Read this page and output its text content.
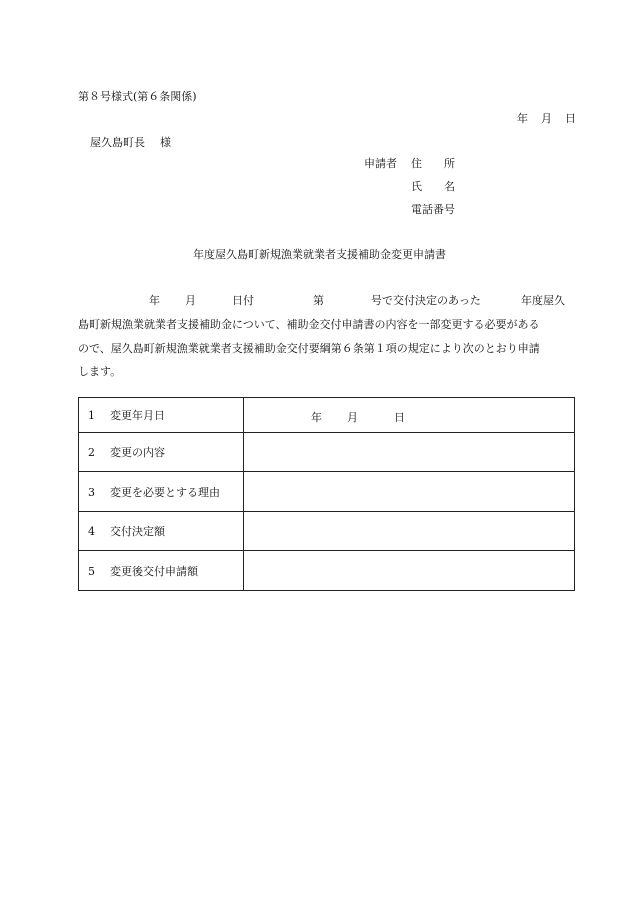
第８号様式(第６条関係)
年 月 日
屋久島町長 様
申請者 住　　所
氏　　名
電話番号
年度屋久島町新規漁業就業者支援補助金変更申請書
年 月	日付	第	号で交付決定のあった	年度屋久
島町新規漁業就業者支援補助金について、補助金交付申請書の内容を一部変更する必要がある
ので、屋久島町新規漁業就業者支援補助金交付要綱第６条第１項の規定により次のとおり申請
します。
1 変更年月日	年 月 日

2 変更の内容	
3 変更を必要とする理由	
4 交付決定額	
5 変更後交付申請額	
